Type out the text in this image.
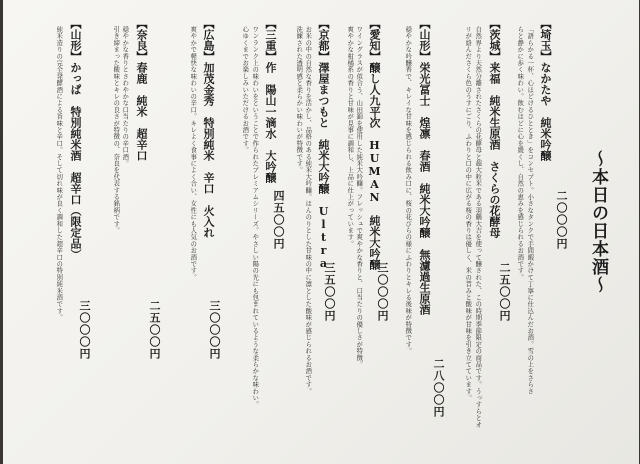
～本日の日本酒～
【埼玉】なかたや　純米吟醸
「語らかる一杯、心ほどけるひととき」をコンセプト。小さなタンクで手間暇かけて丁寧に仕込んだお酒。雪の上をさらさ
らと静かに歩く味わい。飲むほどに心を緩くし、自然の恵みを感じられるお酒です。	二〇〇〇円
【茨城】来福　純米生原酒　さくらの花酵母
自然界より天然分離されたさくらの花酵母と超大粒米である羽鶴大吉を使って醸された、この時期季節限定の商品です。うっすらとオ
リが絡んださくら色のうすにごり、ふわりと口の中に広がる桜の香りは優しく、米の旨みと酸味が甘味を引き立てています。 二五〇〇円
【山形】栄光冨士　煌凛　春酒　純米大吟醸　無濾過生原酒
穏やかな吟醸香で、キレイな甘味を感じられる飲み口に、桜の花びらの様にふわりとキレる後味が特徴です。
二八〇〇円
【愛知】醸し人九平次　HUMAN　純米大吟醸
ワイングラスが似合う、山田錦を使用した純米大吟醸。フレッシュで爽やかな香りと、口当たりの優しさが特徴。
爽やかな柑橘系の香りと甘味が見事に調和し、上品に仕上がっています。
三〇〇〇円
【京都】澤屋まつもと　純米大吟醸　Ultra
お米の中の自然な香りを活かし、品格のある純米大吟醸。ほんのりとした甘味の中に凛とした酸味が感じられるお酒です。
洗練された透明感と柔らかい味わいが特徴です。
三五〇〇円
【三重】作　陽山一滴水　大吟醸
ワンランク上の味わいをということで作られたプレミアムシリーズ。やさしい陽の光にも包まれているような柔らかな味わい。
心ゆくまでお楽しみいただけるお酒です。
四五〇〇円
【広島】加茂金秀　特別純米　辛口　火入れ
爽やかで軽快な味わいの辛口。キレよく食事によく合い、女性にも人気のお酒です。
三〇〇〇円
【奈良】春鹿　純米　超辛口
穏やかな香りとさわやかな口当たりの辛口酒。
引き締まった酸味とキレの良さが特徴の、奈良を代表する銘柄です。
二五〇〇円
【山形】かっぱ　特別純米酒　超辛口（限定品）
純米造りの完全発酵酒による旨味と辛口。そして切れ味が良く調和した超辛口の特別純米酒です。
三〇〇〇円
